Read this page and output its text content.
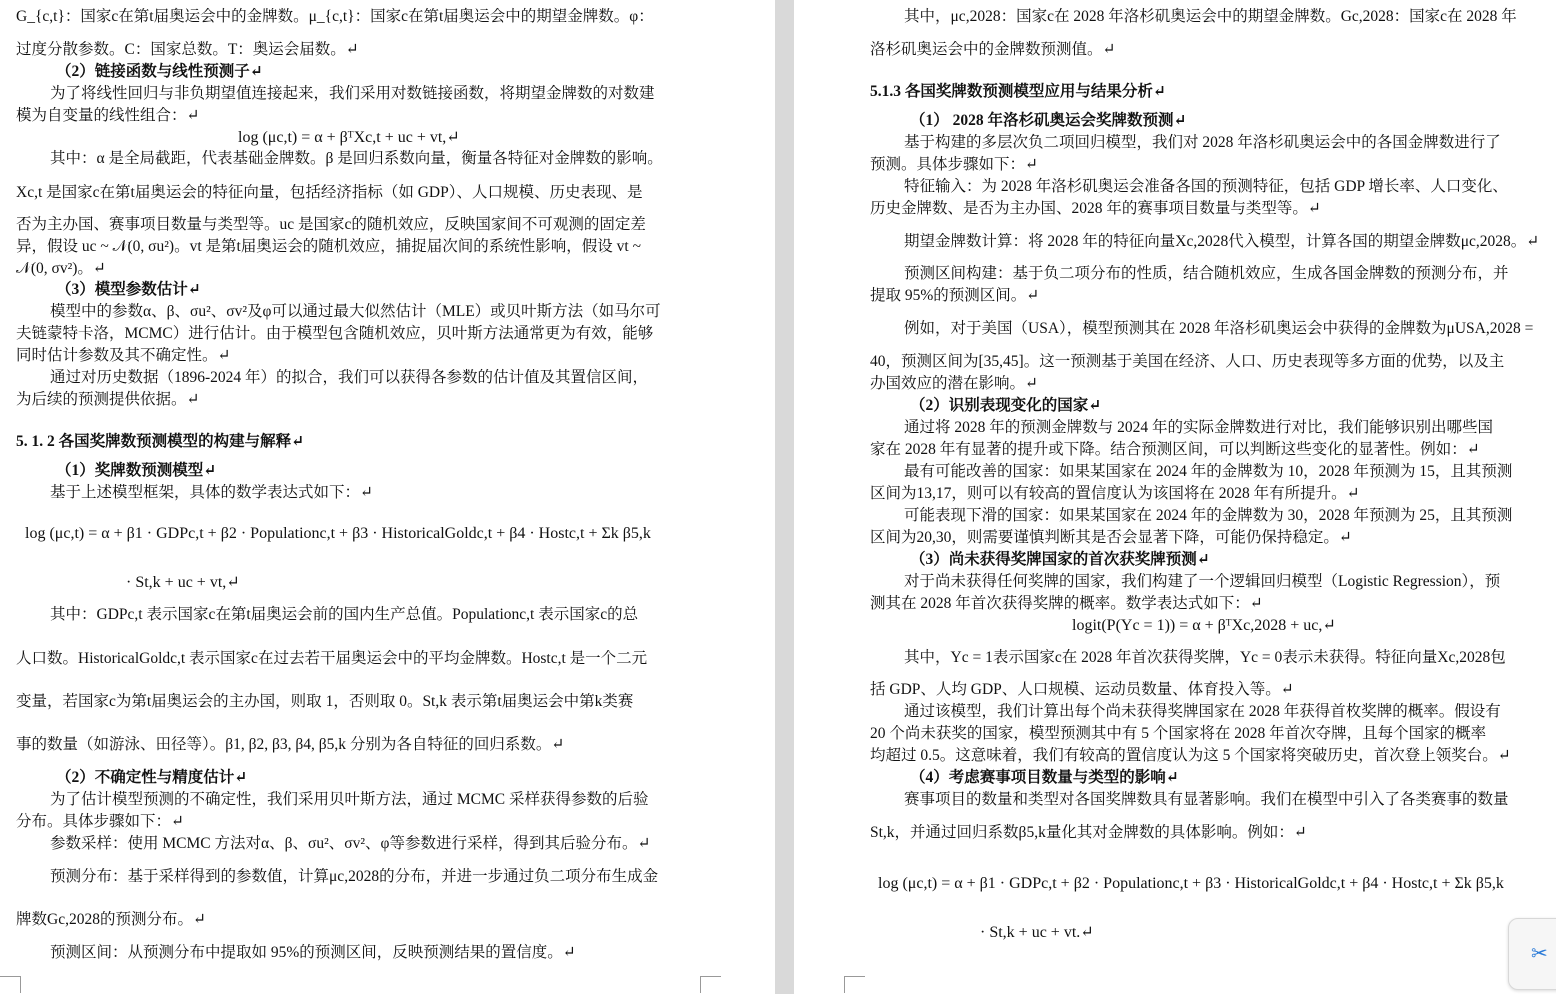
G_{c,t}：国家c在第t届奥运会中的金牌数。μ_{c,t}：国家c在第t届奥运会中的期望金牌数。φ：
过度分散参数。C：国家总数。T：奥运会届数。↵
（2）链接函数与线性预测子↵
为了将线性回归与非负期望值连接起来，我们采用对数链接函数，将期望金牌数的对数建
模为自变量的线性组合：↵
log (μc,t) = α + βᵀXc,t + uc + vt,↵
其中：α 是全局截距，代表基础金牌数。β 是回归系数向量，衡量各特征对金牌数的影响。
Xc,t 是国家c在第t届奥运会的特征向量，包括经济指标（如 GDP）、人口规模、历史表现、是
否为主办国、赛事项目数量与类型等。uc 是国家c的随机效应，反映国家间不可观测的固定差
异，假设 uc ~ 𝒩(0, σu²)。vt 是第t届奥运会的随机效应，捕捉届次间的系统性影响，假设 vt ~
𝒩(0, σv²)。↵
（3）模型参数估计↵
模型中的参数α、β、σu²、σv²及φ可以通过最大似然估计（MLE）或贝叶斯方法（如马尔可
夫链蒙特卡洛，MCMC）进行估计。由于模型包含随机效应，贝叶斯方法通常更为有效，能够
同时估计参数及其不确定性。↵
通过对历史数据（1896-2024 年）的拟合，我们可以获得各参数的估计值及其置信区间，
为后续的预测提供依据。↵
5. 1. 2 各国奖牌数预测模型的构建与解释↵
（1）奖牌数预测模型↵
基于上述模型框架，具体的数学表达式如下：↵
log (μc,t) = α + β1 · GDPc,t + β2 · Populationc,t + β3 · HistoricalGoldc,t + β4 · Hostc,t + Σk β5,k
· St,k + uc + vt,↵
其中：GDPc,t 表示国家c在第t届奥运会前的国内生产总值。Populationc,t 表示国家c的总
人口数。HistoricalGoldc,t 表示国家c在过去若干届奥运会中的平均金牌数。Hostc,t 是一个二元
变量，若国家c为第t届奥运会的主办国，则取 1，否则取 0。St,k 表示第t届奥运会中第k类赛
事的数量（如游泳、田径等）。β1, β2, β3, β4, β5,k 分别为各自特征的回归系数。↵
（2）不确定性与精度估计↵
为了估计模型预测的不确定性，我们采用贝叶斯方法，通过 MCMC 采样获得参数的后验
分布。具体步骤如下：↵
参数采样：使用 MCMC 方法对α、β、σu²、σv²、φ等参数进行采样，得到其后验分布。↵
预测分布：基于采样得到的参数值，计算μc,2028的分布，并进一步通过负二项分布生成金
牌数Gc,2028的预测分布。↵
预测区间：从预测分布中提取如 95%的预测区间，反映预测结果的置信度。↵
其中，μc,2028：国家c在 2028 年洛杉矶奥运会中的期望金牌数。Gc,2028：国家c在 2028 年
洛杉矶奥运会中的金牌数预测值。↵
5.1.3 各国奖牌数预测模型应用与结果分析↵
（1） 2028 年洛杉矶奥运会奖牌数预测↵
基于构建的多层次负二项回归模型，我们对 2028 年洛杉矶奥运会中的各国金牌数进行了
预测。具体步骤如下：↵
特征输入：为 2028 年洛杉矶奥运会准备各国的预测特征，包括 GDP 增长率、人口变化、
历史金牌数、是否为主办国、2028 年的赛事项目数量与类型等。↵
期望金牌数计算：将 2028 年的特征向量Xc,2028代入模型，计算各国的期望金牌数μc,2028。↵
预测区间构建：基于负二项分布的性质，结合随机效应，生成各国金牌数的预测分布，并
提取 95%的预测区间。↵
例如，对于美国（USA），模型预测其在 2028 年洛杉矶奥运会中获得的金牌数为μUSA,2028 =
40，预测区间为[35,45]。这一预测基于美国在经济、人口、历史表现等多方面的优势，以及主
办国效应的潜在影响。↵
（2）识别表现变化的国家↵
通过将 2028 年的预测金牌数与 2024 年的实际金牌数进行对比，我们能够识别出哪些国
家在 2028 年有显著的提升或下降。结合预测区间，可以判断这些变化的显著性。例如：↵
最有可能改善的国家：如果某国家在 2024 年的金牌数为 10，2028 年预测为 15，且其预测
区间为13,17，则可以有较高的置信度认为该国将在 2028 年有所提升。↵
可能表现下滑的国家：如果某国家在 2024 年的金牌数为 30，2028 年预测为 25，且其预测
区间为20,30，则需要谨慎判断其是否会显著下降，可能仍保持稳定。↵
（3）尚未获得奖牌国家的首次获奖牌预测↵
对于尚未获得任何奖牌的国家，我们构建了一个逻辑回归模型（Logistic Regression），预
测其在 2028 年首次获得奖牌的概率。数学表达式如下：↵
logit(P(Yc = 1)) = α + βᵀXc,2028 + uc,↵
其中，Yc = 1表示国家c在 2028 年首次获得奖牌，Yc = 0表示未获得。特征向量Xc,2028包
括 GDP、人均 GDP、人口规模、运动员数量、体育投入等。↵
通过该模型，我们计算出每个尚未获得奖牌国家在 2028 年获得首枚奖牌的概率。假设有
20 个尚未获奖的国家，模型预测其中有 5 个国家将在 2028 年首次夺牌，且每个国家的概率
均超过 0.5。这意味着，我们有较高的置信度认为这 5 个国家将突破历史，首次登上领奖台。↵
（4）考虑赛事项目数量与类型的影响↵
赛事项目的数量和类型对各国奖牌数具有显著影响。我们在模型中引入了各类赛事的数量
St,k，并通过回归系数β5,k量化其对金牌数的具体影响。例如：↵
log (μc,t) = α + β1 · GDPc,t + β2 · Populationc,t + β3 · HistoricalGoldc,t + β4 · Hostc,t + Σk β5,k
· St,k + uc + vt.↵
✂
